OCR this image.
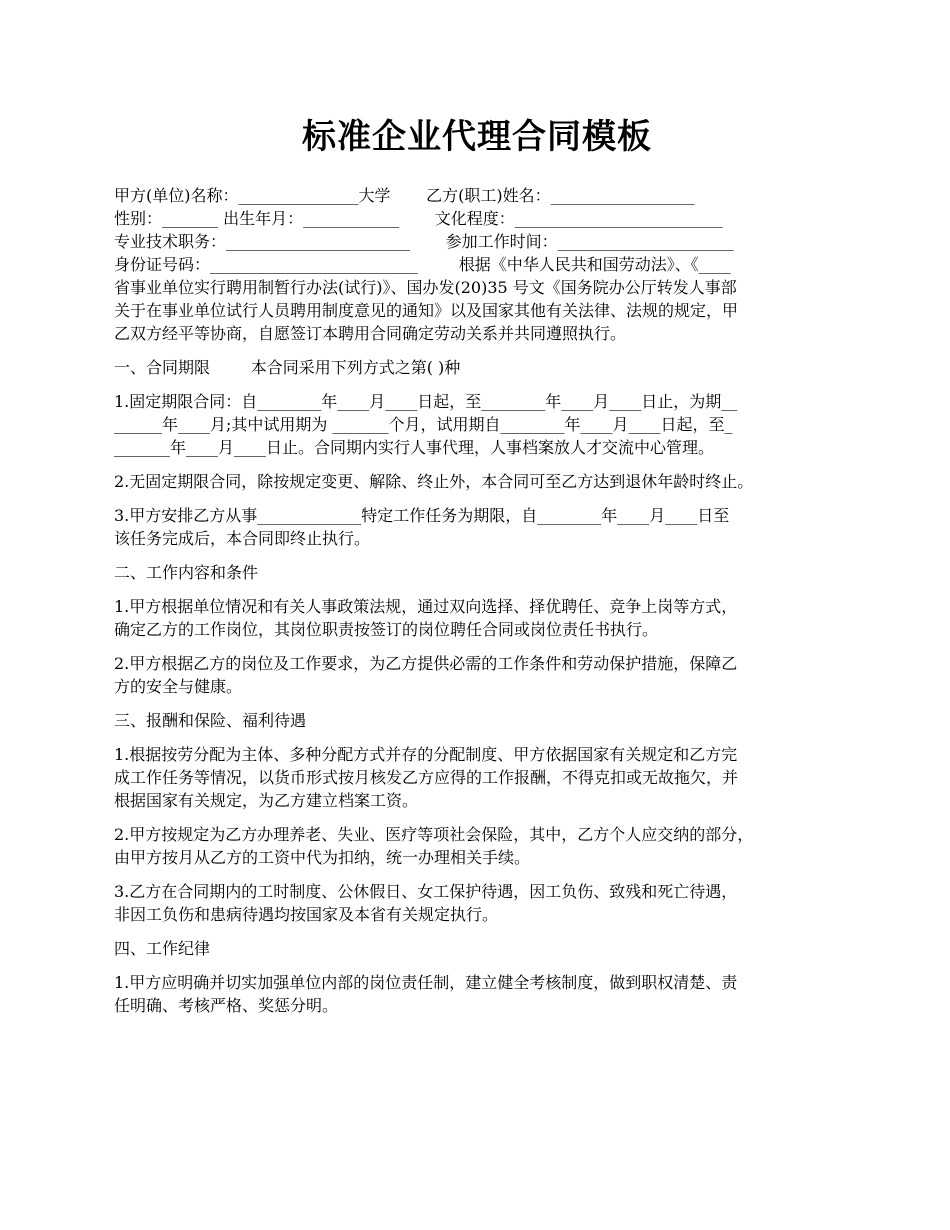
标准企业代理合同模板

甲方(单位)名称：_______________大学       乙方(职工)姓名：__________________

性别：_______ 出生年月：____________       文化程度：__________________________

专业技术职务：_______________________       参加工作时间：______________________

身份证号码：__________________________        根据《中华人民共和国劳动法》、《____

省事业单位实行聘用制暂行办法(试行)》、国办发(20)35 号文《国务院办公厅转发人事部

关于在事业单位试行人员聘用制度意见的通知》以及国家其他有关法律、法规的规定，甲

乙双方经平等协商，自愿签订本聘用合同确定劳动关系并共同遵照执行。

一、合同期限        本合同采用下列方式之第( )种

1.固定期限合同：自________年____月____日起，至________年____月____日止，为期__

______年____月;其中试用期为 _______个月，试用期自________年____月____日起，至_

_______年____月____日止。合同期内实行人事代理，人事档案放人才交流中心管理。

2.无固定期限合同，除按规定变更、解除、终止外，本合同可至乙方达到退休年龄时终止。

3.甲方安排乙方从事_____________特定工作任务为期限，自________年____月____日至

该任务完成后，本合同即终止执行。

二、工作内容和条件

1.甲方根据单位情况和有关人事政策法规，通过双向选择、择优聘任、竞争上岗等方式，

确定乙方的工作岗位，其岗位职责按签订的岗位聘任合同或岗位责任书执行。

2.甲方根据乙方的岗位及工作要求，为乙方提供必需的工作条件和劳动保护措施，保障乙

方的安全与健康。

三、报酬和保险、福利待遇

1.根据按劳分配为主体、多种分配方式并存的分配制度、甲方依据国家有关规定和乙方完

成工作任务等情况，以货币形式按月核发乙方应得的工作报酬，不得克扣或无故拖欠，并

根据国家有关规定，为乙方建立档案工资。

2.甲方按规定为乙方办理养老、失业、医疗等项社会保险，其中，乙方个人应交纳的部分，

由甲方按月从乙方的工资中代为扣纳，统一办理相关手续。

3.乙方在合同期内的工时制度、公休假日、女工保护待遇，因工负伤、致残和死亡待遇，

非因工负伤和患病待遇均按国家及本省有关规定执行。

四、工作纪律

1.甲方应明确并切实加强单位内部的岗位责任制，建立健全考核制度，做到职权清楚、责

任明确、考核严格、奖惩分明。
